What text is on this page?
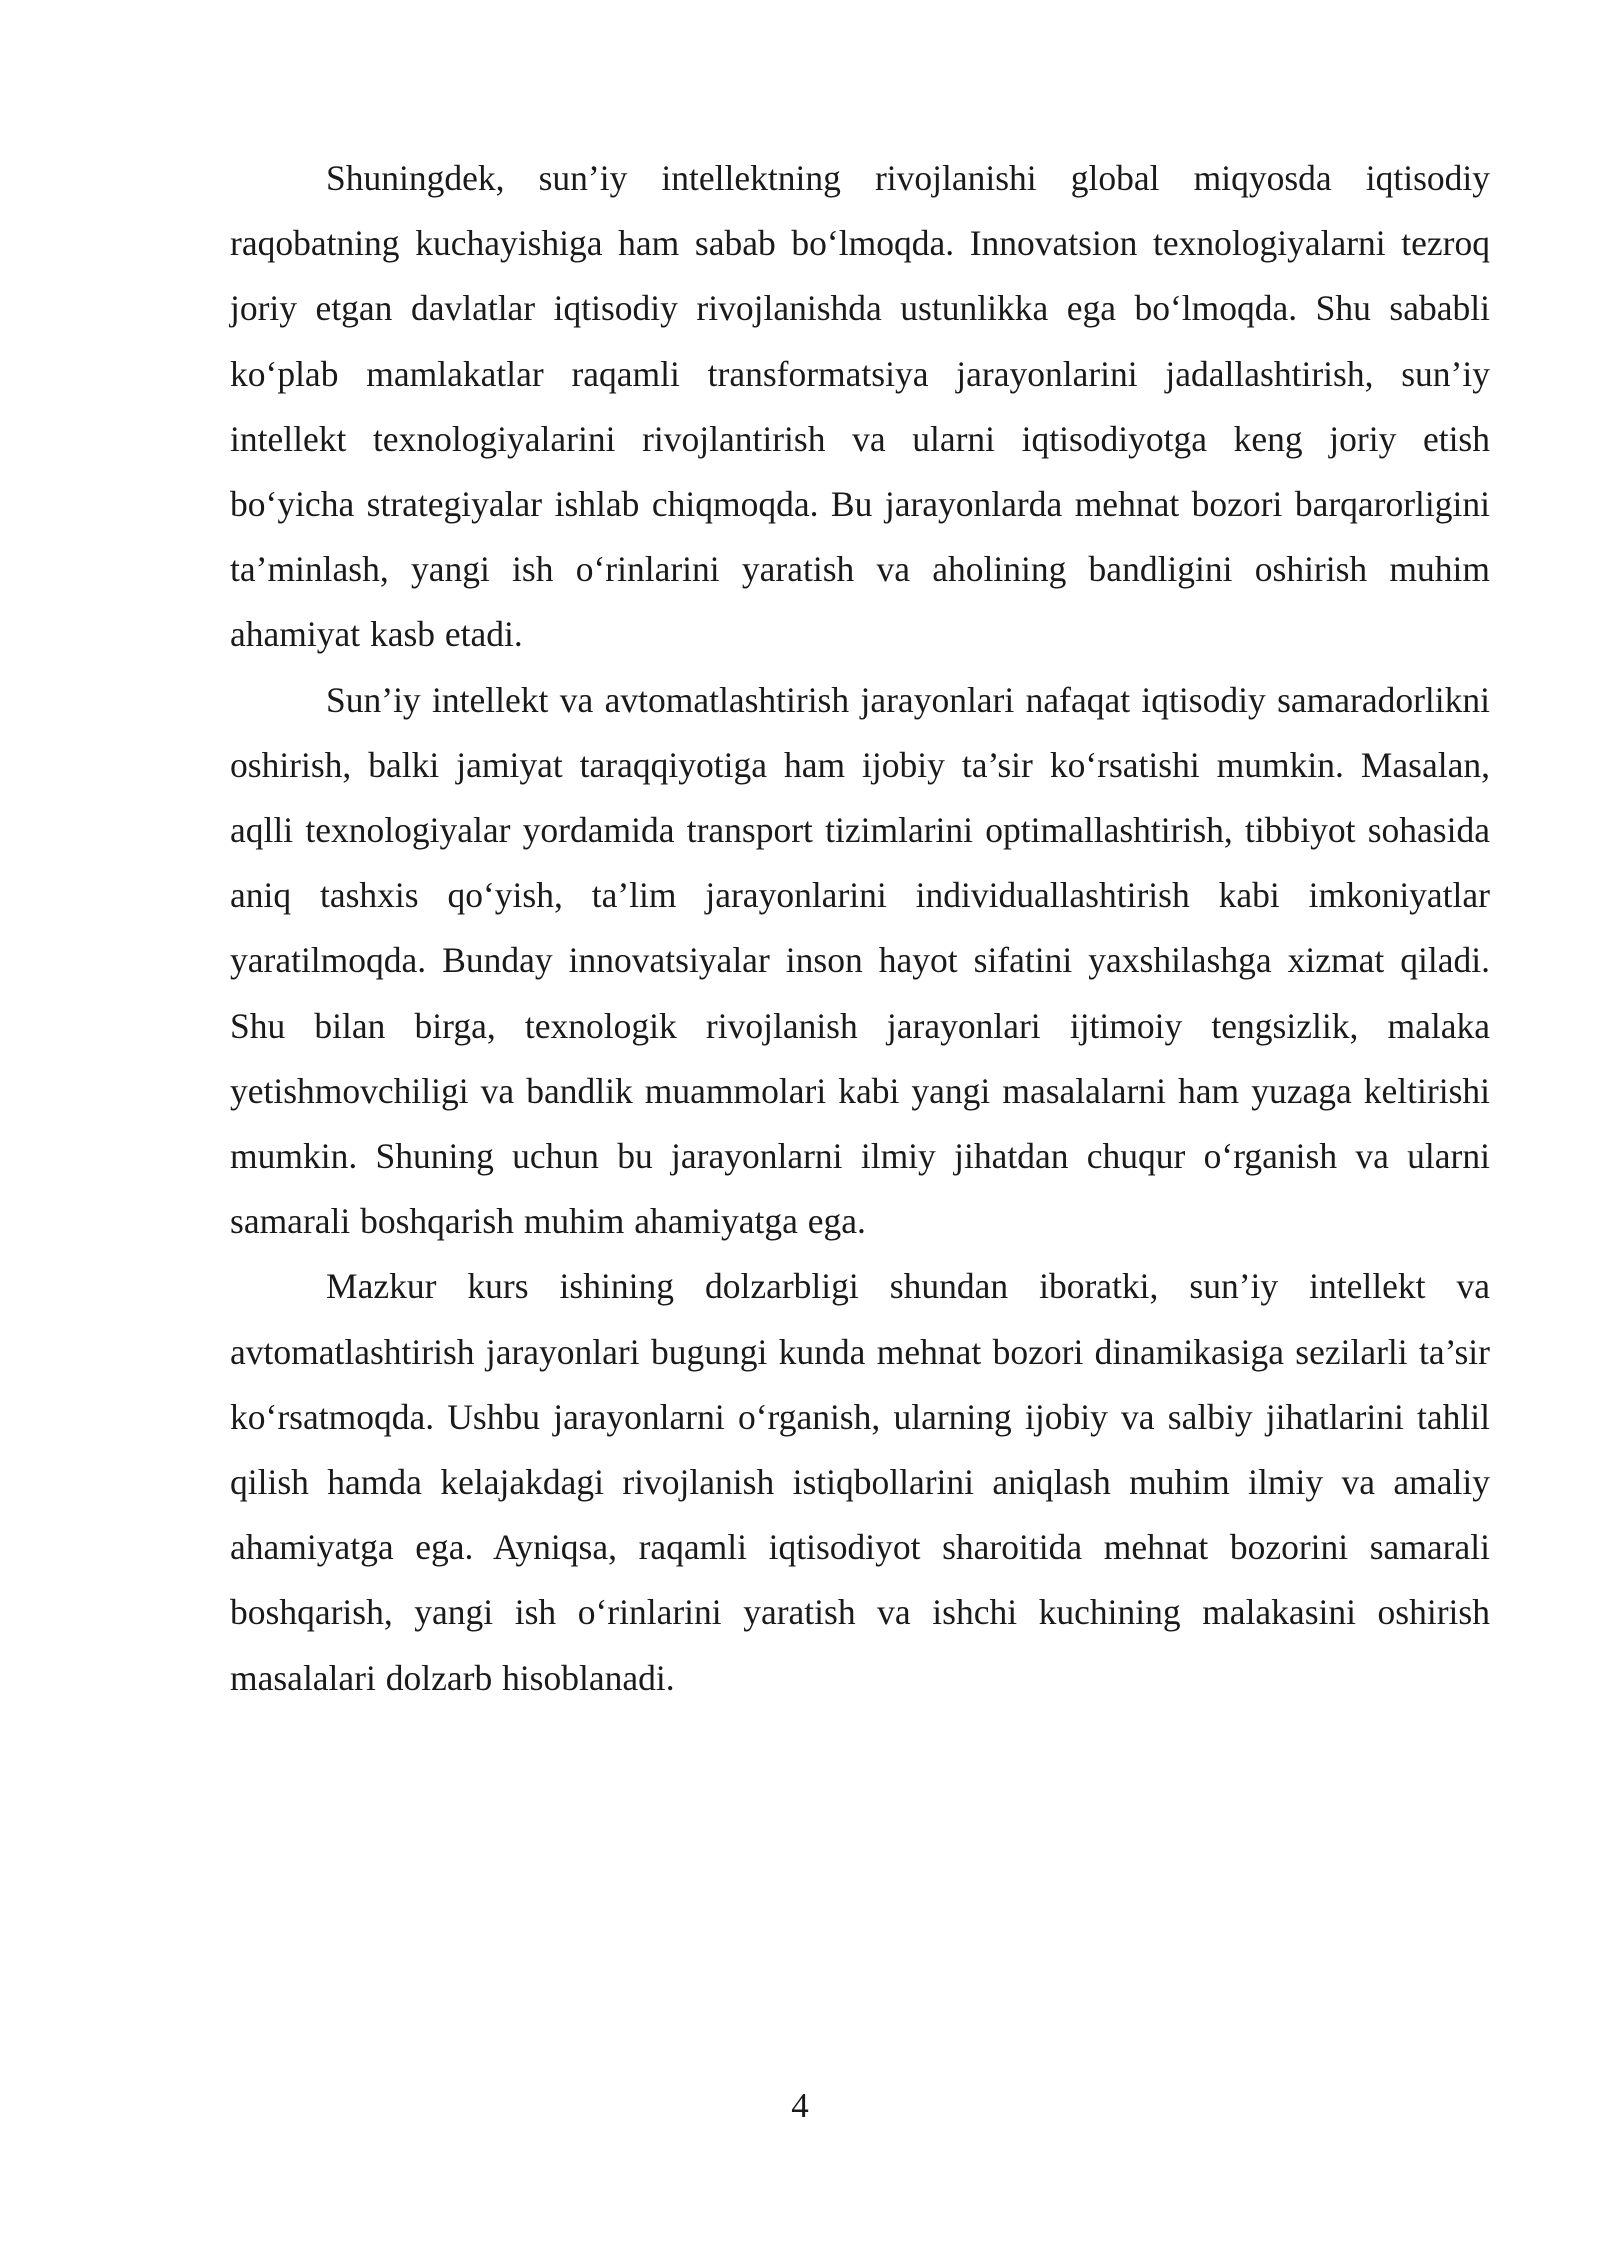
Shuningdek, sun’iy intellektning rivojlanishi global miqyosda iqtisodiy raqobatning kuchayishiga ham sabab bo‘lmoqda. Innovatsion texnologiyalarni tezroq joriy etgan davlatlar iqtisodiy rivojlanishda ustunlikka ega bo‘lmoqda. Shu sababli ko‘plab mamlakatlar raqamli transformatsiya jarayonlarini jadallashtirish, sun’iy intellekt texnologiyalarini rivojlantirish va ularni iqtisodiyotga keng joriy etish bo‘yicha strategiyalar ishlab chiqmoqda. Bu jarayonlarda mehnat bozori barqarorligini ta’minlash, yangi ish o‘rinlarini yaratish va aholining bandligini oshirish muhim ahamiyat kasb etadi.

Sun’iy intellekt va avtomatlashtirish jarayonlari nafaqat iqtisodiy samaradorlikni oshirish, balki jamiyat taraqqiyotiga ham ijobiy ta’sir ko‘rsatishi mumkin. Masalan, aqlli texnologiyalar yordamida transport tizimlarini optimallashtirish, tibbiyot sohasida aniq tashxis qo‘yish, ta’lim jarayonlarini individuallashtirish kabi imkoniyatlar yaratilmoqda. Bunday innovatsiyalar inson hayot sifatini yaxshilashga xizmat qiladi. Shu bilan birga, texnologik rivojlanish jarayonlari ijtimoiy tengsizlik, malaka yetishmovchiligi va bandlik muammolari kabi yangi masalalarni ham yuzaga keltirishi mumkin. Shuning uchun bu jarayonlarni ilmiy jihatdan chuqur o‘rganish va ularni samarali boshqarish muhim ahamiyatga ega.

Mazkur kurs ishining dolzarbligi shundan iboratki, sun’iy intellekt va avtomatlashtirish jarayonlari bugungi kunda mehnat bozori dinamikasiga sezilarli ta’sir ko‘rsatmoqda. Ushbu jarayonlarni o‘rganish, ularning ijobiy va salbiy jihatlarini tahlil qilish hamda kelajakdagi rivojlanish istiqbollarini aniqlash muhim ilmiy va amaliy ahamiyatga ega. Ayniqsa, raqamli iqtisodiyot sharoitida mehnat bozorini samarali boshqarish, yangi ish o‘rinlarini yaratish va ishchi kuchining malakasini oshirish masalalari dolzarb hisoblanadi.

4
